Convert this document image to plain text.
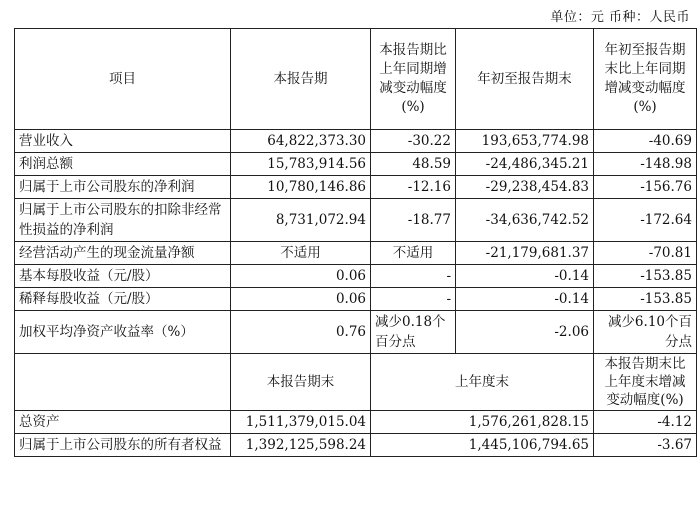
单位：元 币种：人民币
项目	本报告期	本报告期比上年同期增减变动幅度(%)	年初至报告期末	年初至报告期末比上年同期增减变动幅度(%)
营业收入	64,822,373.30	-30.22	193,653,774.98	-40.69
利润总额	15,783,914.56	48.59	-24,486,345.21	-148.98
归属于上市公司股东的净利润	10,780,146.86	-12.16	-29,238,454.83	-156.76
归属于上市公司股东的扣除非经常性损益的净利润	8,731,072.94	-18.77	-34,636,742.52	-172.64
经营活动产生的现金流量净额	不适用	不适用	-21,179,681.37	-70.81
基本每股收益（元/股）	0.06	-	-0.14	-153.85
稀释每股收益（元/股）	0.06	-	-0.14	-153.85
加权平均净资产收益率（%）	0.76	减少0.18个百分点	-2.06	减少6.10个百分点
	本报告期末	上年度末		本报告期末比上年度末增减变动幅度(%)
总资产	1,511,379,015.04	1,576,261,828.15		-4.12
归属于上市公司股东的所有者权益	1,392,125,598.24	1,445,106,794.65		-3.67
